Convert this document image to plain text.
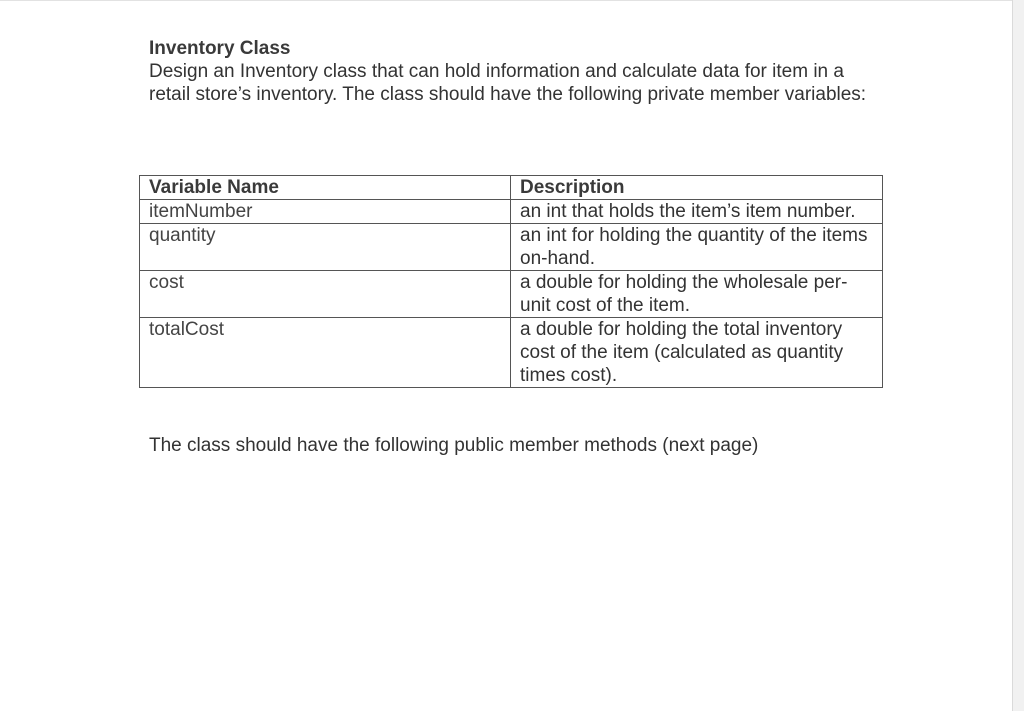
Inventory Class
Design an Inventory class that can hold information and calculate data for item in a retail store’s inventory. The class should have the following private member variables:
Variable Name	Description
itemNumber	an int that holds the item’s item number.
quantity	an int for holding the quantity of the items on-hand.
cost	a double for holding the wholesale per-unit cost of the item.
totalCost	a double for holding the total inventory cost of the item (calculated as quantity times cost).
The class should have the following public member methods (next page)
